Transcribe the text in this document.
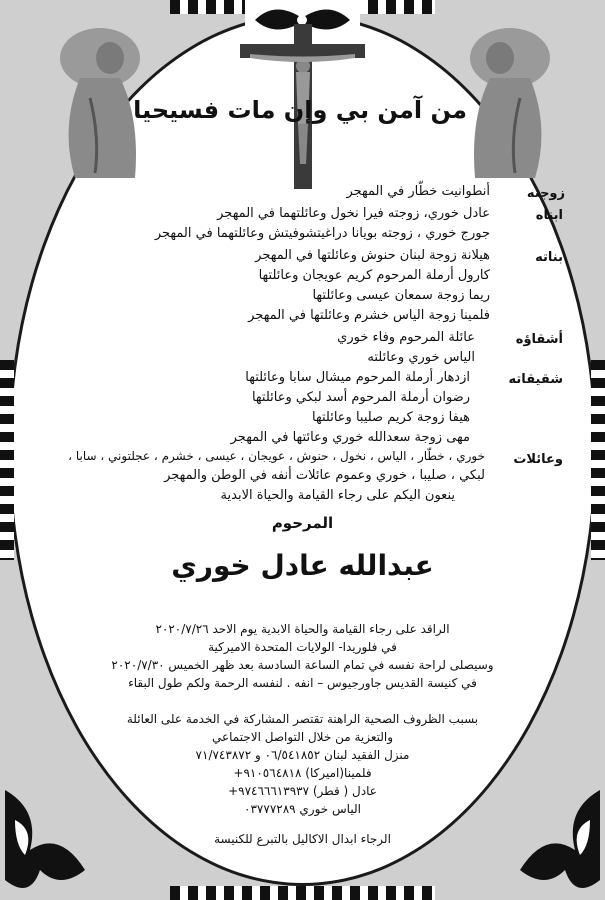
من آمن بي وإن مات فسيحيا
زوجته
أنطوانيت خطّار في المهجر
ابناه
عادل خوري، زوجته فيرا نخول وعائلتهما في المهجر
جورج خوري ، زوجته بويانا دراغيتشوفيتش وعائلتهما في المهجر
بناته
هيلانة زوجة لبنان حنوش وعائلتها في المهجر
كارول أرملة المرحوم كريم عويجان وعائلتها
ريما زوجة سمعان عيسى وعائلتها
فلمينا زوجة الياس خشرم وعائلتها في المهجر
أشقاؤه
عائلة المرحوم وفاء خوري
الياس خوري وعائلته
شقيقاته
ازدهار أرملة المرحوم ميشال سابا وعائلتها
رضوان أرملة المرحوم أسد لبكي وعائلتها
هيفا زوجة كريم صليبا وعائلتها
مهى زوجة سعدالله خوري وعائتها في المهجر
وعائلات
خوري ، خطّار ، الياس ، نخول ، حنوش ، عويجان ، عيسى ، خشرم ، عجلتوني ، سابا ،
لبكي ، صليبا ، خوري وعموم عائلات أنفه في الوطن والمهجر
ينعون اليكم على رجاء القيامة والحياة الابدية
المرحوم
عبدالله عادل خوري
الراقد على رجاء القيامة والحياة الابدية يوم الاحد ٢٠٢٠/٧/٢٦
في فلوريدا- الولايات المتحدة الاميركية
وسيصلى لراحة نفسه في تمام الساعة السادسة بعد ظهر الخميس ٢٠٢٠/٧/٣٠
في كنيسة القديس جاورجيوس – انفه . لنفسه الرحمة ولكم طول البقاء
بسبب الظروف الصحية الراهنة تقتصر المشاركة في الخدمة على العائلة
والتعزية من خلال التواصل الاجتماعي
منزل الفقيد لبنان ٠٦/٥٤١٨٥٢ و ٧١/٧٤٣٨٧٢
فلمينا(اميركا) ٩١٠٥٦٤٨١٨+
عادل ( قطر) ٩٧٤٦٦٦١٣٩٣٧+
الياس خوري ٠٣٧٧٧٢٨٩
الرجاء ابدال الاكاليل بالتبرع للكنيسة
